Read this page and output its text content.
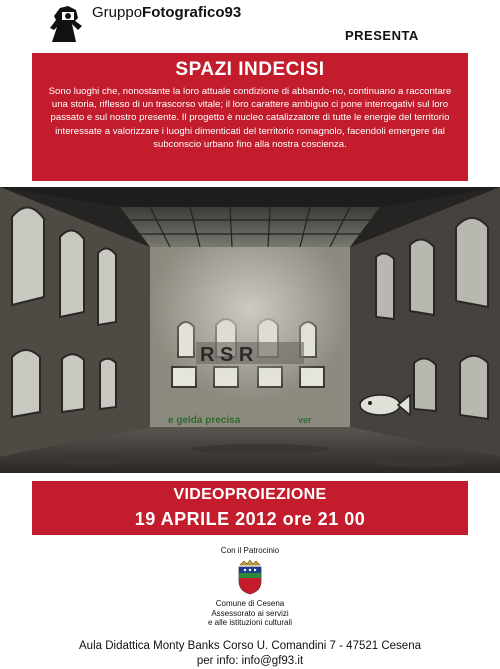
GruppoFotografico93
PRESENTA
SPAZI INDECISI
Sono luoghi che, nonostante la loro attuale condizione di abbando-no, continuano a raccontare una storia, riflesso di un trascorso vitale; il loro carattere ambiguo ci pone interrogativi sul loro passato e sul nostro presente. Il progetto è nucleo catalizzatore di tutte le energie del territorio interessate a valorizzare i luoghi dimenticati del territorio romagnolo, facendoli emergere dal subconscio urbano fino alla nostra coscienza.
R S R
e gelda precisa	ver
VIDEOPROIEZIONE
19 APRILE 2012 ore 21 00
Con il Patrocinio
Comune di Cesena
Assessorato ai servizi
e alle istituzioni culturali
Aula Didattica Monty Banks Corso U. Comandini 7 - 47521 Cesena
per info: info@gf93.it
